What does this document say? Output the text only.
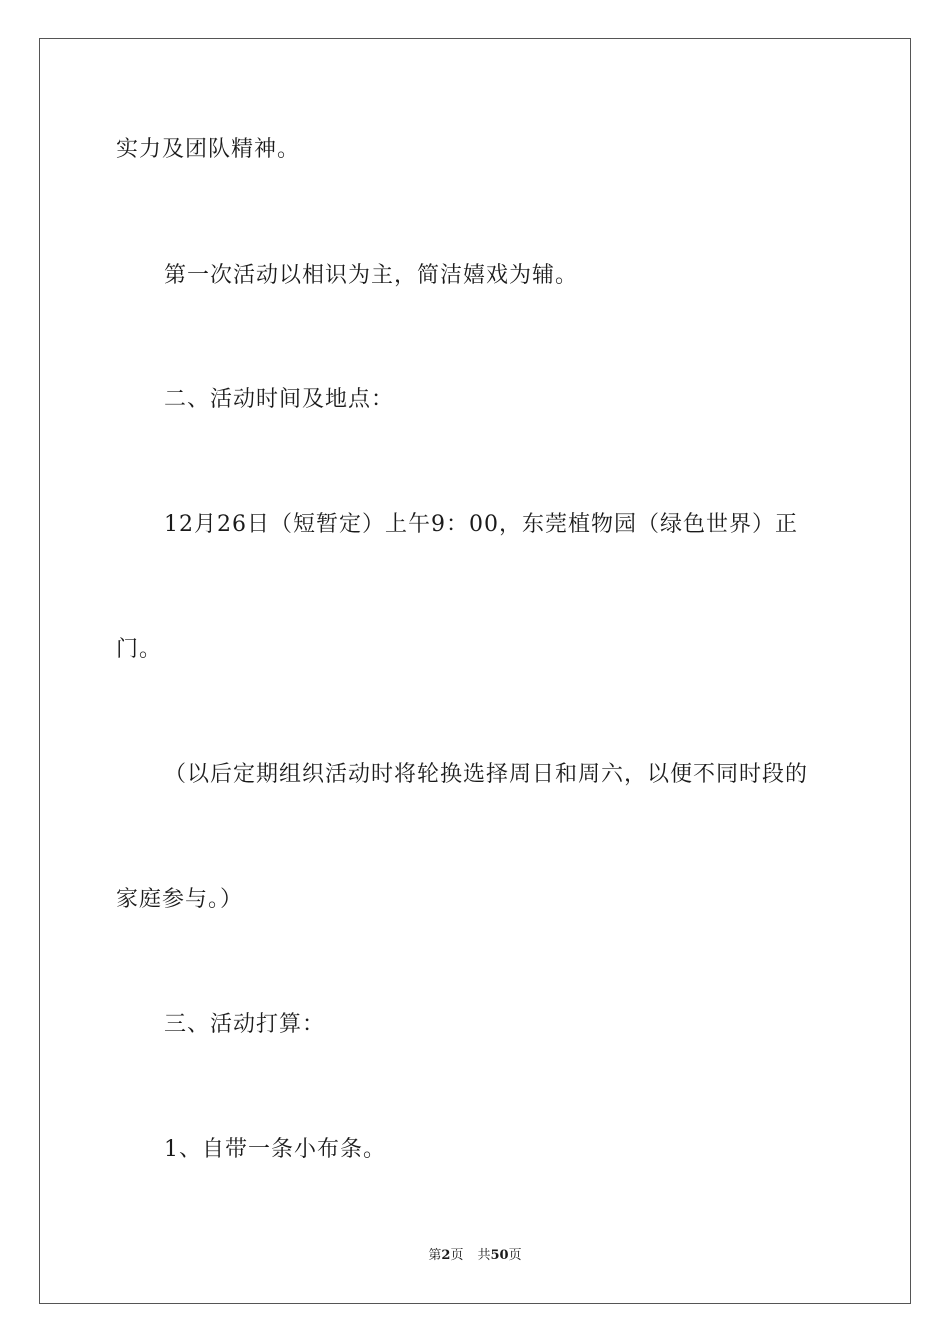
实力及团队精神。
第一次活动以相识为主，简洁嬉戏为辅。
二、活动时间及地点：
12月26日（短暂定）上午9：00，东莞植物园（绿色世界）正
门。
（以后定期组织活动时将轮换选择周日和周六，以便不同时段的
家庭参与。）
三、活动打算：
1、自带一条小布条。
第2页 共50页
